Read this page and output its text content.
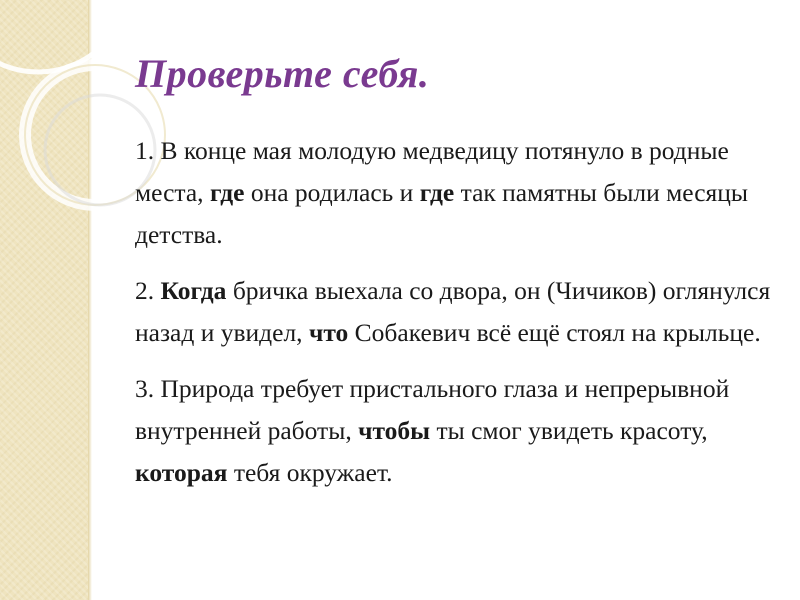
Проверьте себя.

1. В конце мая молодую медведицу потянуло в родные места, где она родилась и где так памятны были месяцы детства.

2. Когда бричка выехала со двора, он (Чичиков) оглянулся назад и увидел, что Собакевич всё ещё стоял на крыльце.

3. Природа требует пристального глаза и непрерывной внутренней работы, чтобы ты смог увидеть красоту, которая тебя окружает.
